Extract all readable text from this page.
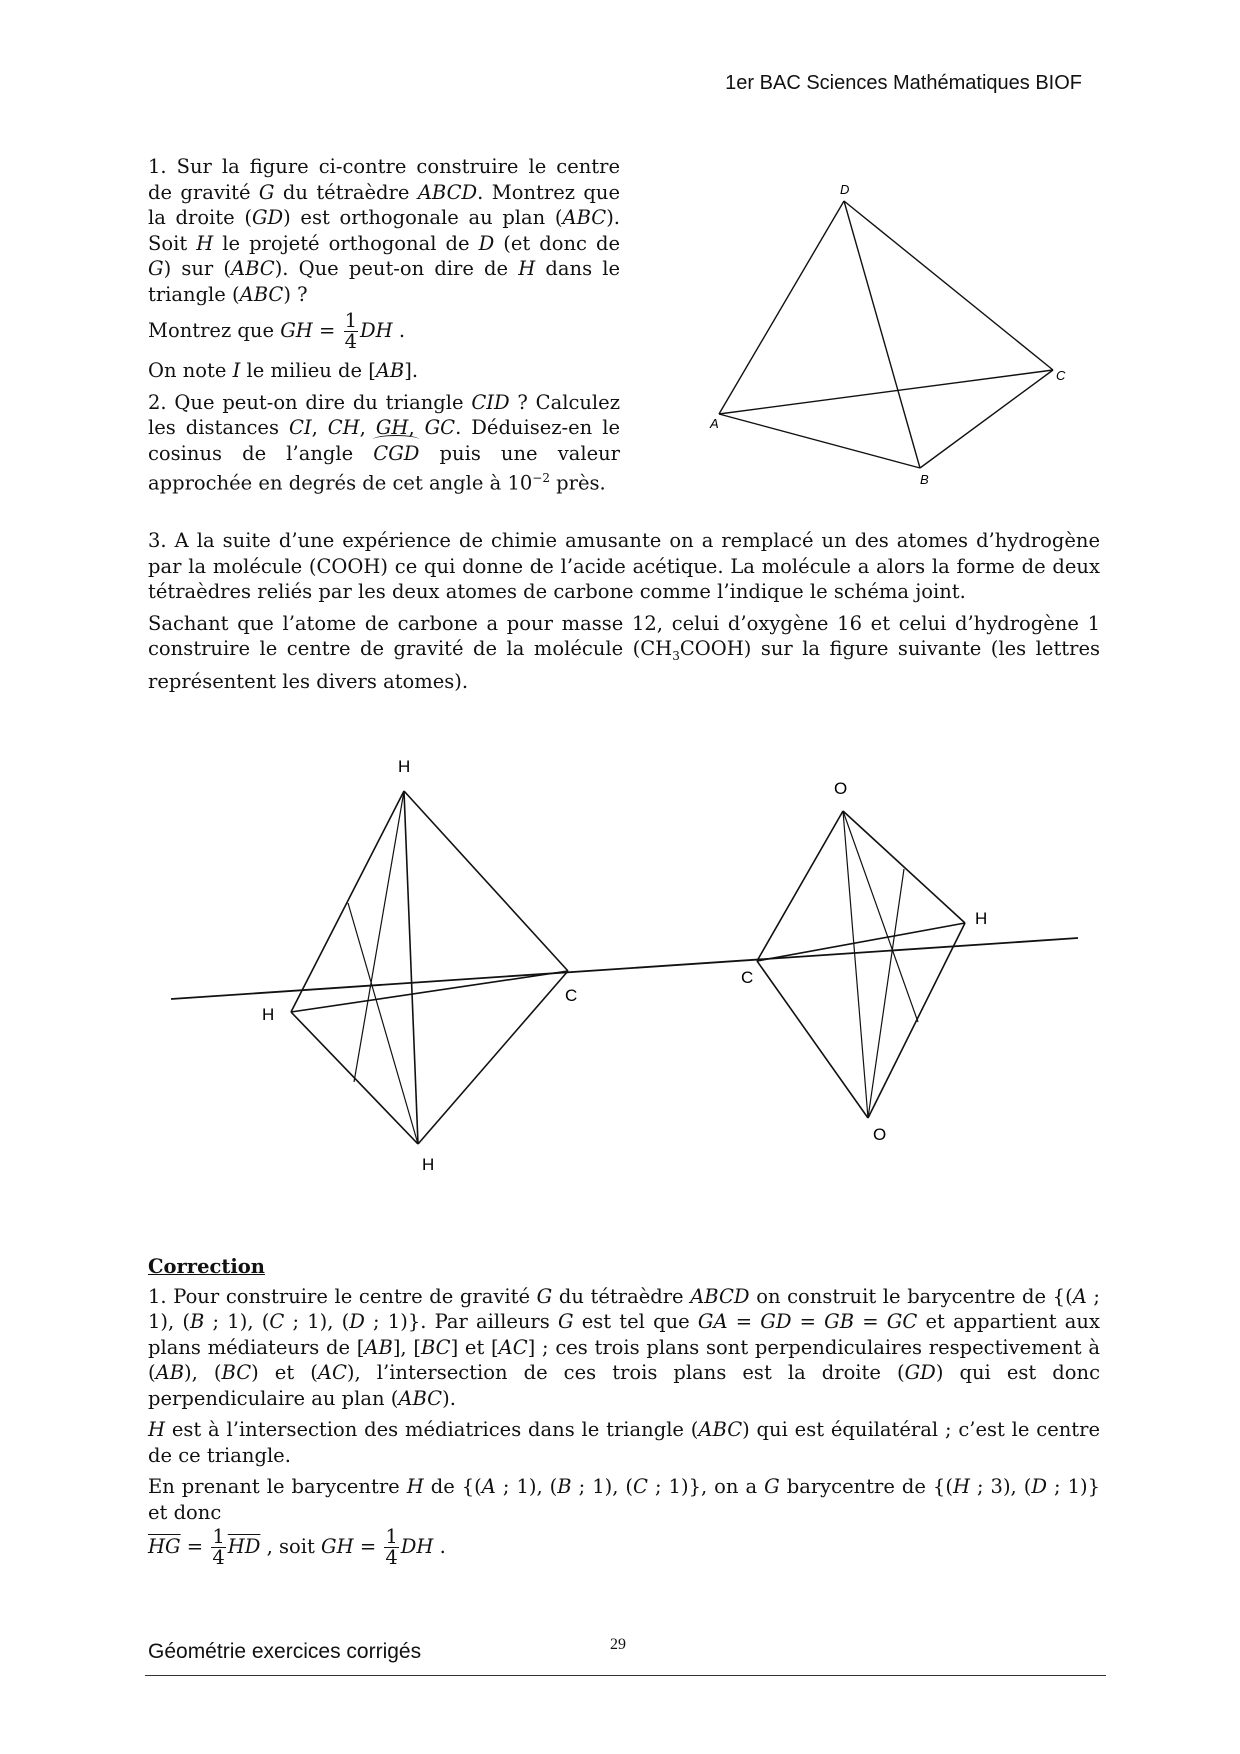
1er BAC Sciences Mathématiques BIOF
1. Sur la figure ci-contre construire le centre de gravité G du tétraèdre ABCD. Montrez que la droite (GD) est orthogonale au plan (ABC). Soit H le projeté orthogonal de D (et donc de G) sur (ABC). Que peut-on dire de H dans le triangle (ABC) ?
Montrez que GH = $\frac{1}{4}$ DH .
On note I le milieu de [AB].
2. Que peut-on dire du triangle CID ? Calculez les distances CI, CH, GH, GC. Déduisez-en le cosinus de l’angle
CGD puis une valeur approchée en degrés de cet angle à $10^{-2}$ près.
D
C
A
B
3. A la suite d’une expérience de chimie amusante on a remplacé un des atomes d’hydrogène par la molécule (COOH) ce qui donne de l’acide acétique. La molécule a alors la forme de deux tétraèdres reliés par les deux atomes de carbone comme l’indique le schéma joint.
Sachant que l’atome de carbone a pour masse 12, celui d’oxygène 16 et celui d’hydrogène 1 construire le centre de gravité de la molécule $(CH_3COOH)$ sur la figure suivante (les lettres représentent les divers atomes).
H
H
H
C
C
O
O
H
Correction
1. Pour construire le centre de gravité G du tétraèdre ABCD on construit le barycentre de {(A ; 1), (B ; 1), (C ; 1), (D ; 1)}. Par ailleurs G est tel que GA = GD = GB = GC et appartient aux plans médiateurs de [AB], [BC] et [AC] ; ces trois plans sont perpendiculaires respectivement à (AB), (BC) et (AC), l’intersection de ces trois plans est la droite (GD) qui est donc perpendiculaire au plan (ABC).
H est à l’intersection des médiatrices dans le triangle (ABC) qui est équilatéral ; c’est le centre de ce triangle.
En prenant le barycentre H de {(A ; 1), (B ; 1), (C ; 1)}, on a G barycentre de {(H ; 3), (D ; 1)} et donc
$\overline{HG} = \frac{1}{4} \overline{HD}$ , soit GH = $\frac{1}{4}$ DH .
Géométrie exercices corrigés	29
